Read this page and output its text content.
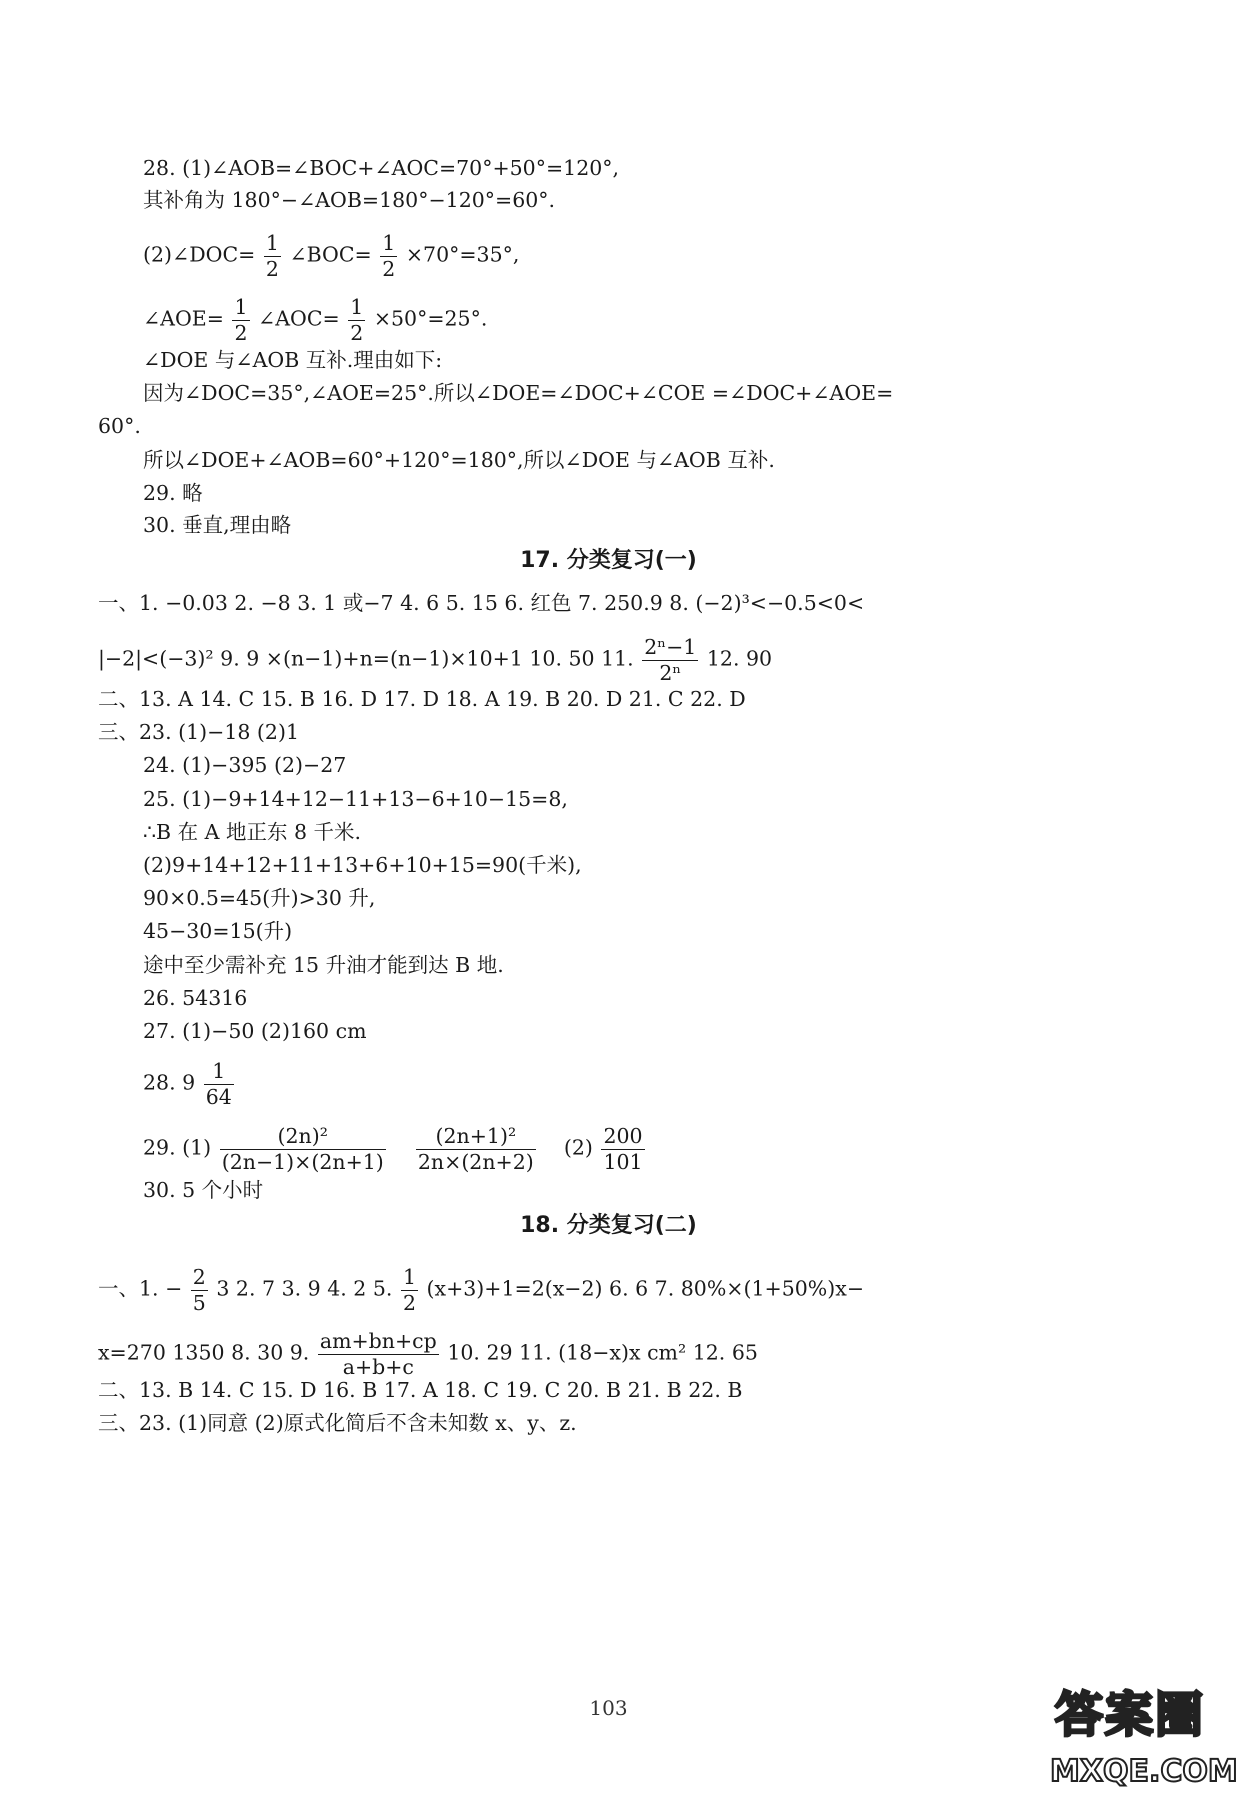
28. (1)∠AOB=∠BOC+∠AOC=70°+50°=120°,
其补角为 180°−∠AOB=180°−120°=60°.
(2)∠DOC= $\frac{1}{2}$ ∠BOC= $\frac{1}{2} \times 70^\circ=35^\circ$,
∠AOE= $\frac{1}{2}$ ∠AOC= $\frac{1}{2} \times 50^\circ=25^\circ$.
∠DOE 与∠AOB 互补.理由如下:
因为∠DOC=35°,∠AOE=25°.所以∠DOE=∠DOC+∠COE =∠DOC+∠AOE=
60°.
所以∠DOE+∠AOB=60°+120°=180°,所以∠DOE 与∠AOB 互补.
29. 略
30. 垂直,理由略
17. 分类复习(一)
一、1. −0.03 2. −8 3. 1 或−7 4. 6 5. 15 6. 红色 7. 250.9 8. (−2)³<−0.5<0<
|−2|<(−3)² 9. 9 ×(n−1)+n=(n−1)×10+1 10. 50 11. $\frac{\text{2ⁿ−1}}{\text{2ⁿ}} 12$. 90
二、13. A 14. C 15. B 16. D 17. D 18. A 19. B 20. D 21. C 22. D
三、23. (1)−18 (2)1
24. (1)−395 (2)−27
25. (1)−9+14+12−11+13−6+10−15=8,
∴B 在 A 地正东 8 千米.
(2)9+14+12+11+13+6+10+15=90(千米),
90×0.5=45(升)>30 升,
45−30=15(升)
途中至少需补充 15 升油才能到达 B 地.
26. 54316
27. (1)−50 (2)160 cm
28. $9 \frac{1}{64}$
29. $(1) \frac{\text{(2n)²}}{(2n-1)\times(2n+1)}$
$\frac{\text{(2n+1)²}}{2n\times(2n+2)} (2) \frac{200}{101}$
30. 5 个小时
18. 分类复习(二)
一、1. − $\frac{2}{5} 3$ 2. 7 3. 9 4. 2 5. $\frac{1}{2} (x+3)+1=2(x-2)$ 6. 6 7. 80%×(1+50%)x−
x=270 1350 8. 30 9. $\frac{am+bn+cp}{a+b+c} 10$. 29 11. (18−x)x cm² 12. 65
二、13. B 14. C 15. D 16. B 17. A 18. C 19. C 20. B 21. B 22. B
三、23. (1)同意 (2)原式化简后不含未知数 x、y、z.
103	答案圈
MXQE.COM
